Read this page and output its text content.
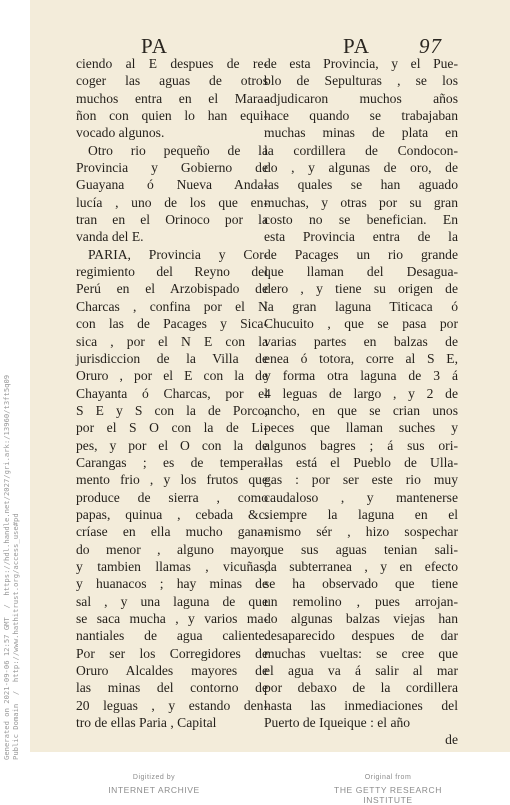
Generated on 2021-09-06 12:57 GMT  /  https://hdl.handle.net/2027/gri.ark:/13960/t3ft5q09
Public Domain  /  http://www.hathitrust.org/access_use#pd
PA	PA 97
ciendo al E despues de re-
coger las aguas de otros
muchos entra en el Mara-
ñon con quien lo han equi-
vocado algunos.
Otro rio pequeño de la
Provincia y Gobierno de
Guayana ó Nueva Anda-
lucía , uno de los que en-
tran en el Orinoco por la
vanda del E.
PARIA, Provincia y Cor-
regimiento del Reyno del
Perú en el Arzobispado de
Charcas , confina por el N
con las de Pacages y Sica-
sica , por el N E con la
jurisdiccion de la Villa de
Oruro , por el E con la de
Chayanta ó Charcas, por el
S E y S con la de Porco,
por el S O con la de Li-
pes, y por el O con la de
Carangas ; es de tempera-
mento frio , y los frutos que
produce de sierra , como
papas, quinua , cebada &c.
críase en ella mucho gana-
do menor , alguno mayor,
y tambien llamas , vicuñas,
y huanacos ; hay minas de
sal , y una laguna de que
se saca mucha , y varios ma-
nantiales de agua caliente.
Por ser los Corregidores de
Oruro Alcaldes mayores de
las minas del contorno de
20 leguas , y estando den-
tro de ellas Paria , Capital
de esta Provincia, y el Pue-
blo de Sepulturas , se los
adjudicaron muchos años
hace quando se trabajaban
muchas minas de plata en
la cordillera de Condocon-
do , y algunas de oro, de
las quales se han aguado
muchas, y otras por su gran
costo no se benefician. En
esta Provincia entra de la
de Pacages un rio grande
que llaman del Desagua-
dero , y tiene su origen de
la gran laguna Titicaca ó
Chucuito , que se pasa por
varias partes en balzas de
enea ó totora, corre al S E,
y forma otra laguna de 3 á
4 leguas de largo , y 2 de
ancho, en que se crian unos
peces que llaman suches y
algunos bagres ; á sus ori-
llas está el Pueblo de Ulla-
gas : por ser este rio muy
caudaloso , y mantenerse
siempre la laguna en el
mismo sér , hizo sospechar
que sus aguas tenian sali-
da subterranea , y en efecto
se ha observado que tiene
un remolino , pues arrojan-
do algunas balzas viejas han
desaparecido despues de dar
muchas vueltas: se cree que
el agua va á salir al mar
por debaxo de la cordillera
hasta las inmediaciones del
Puerto de Iqueique : el año
de
Digitized by
INTERNET ARCHIVE
Original from
THE GETTY RESEARCH INSTITUTE
